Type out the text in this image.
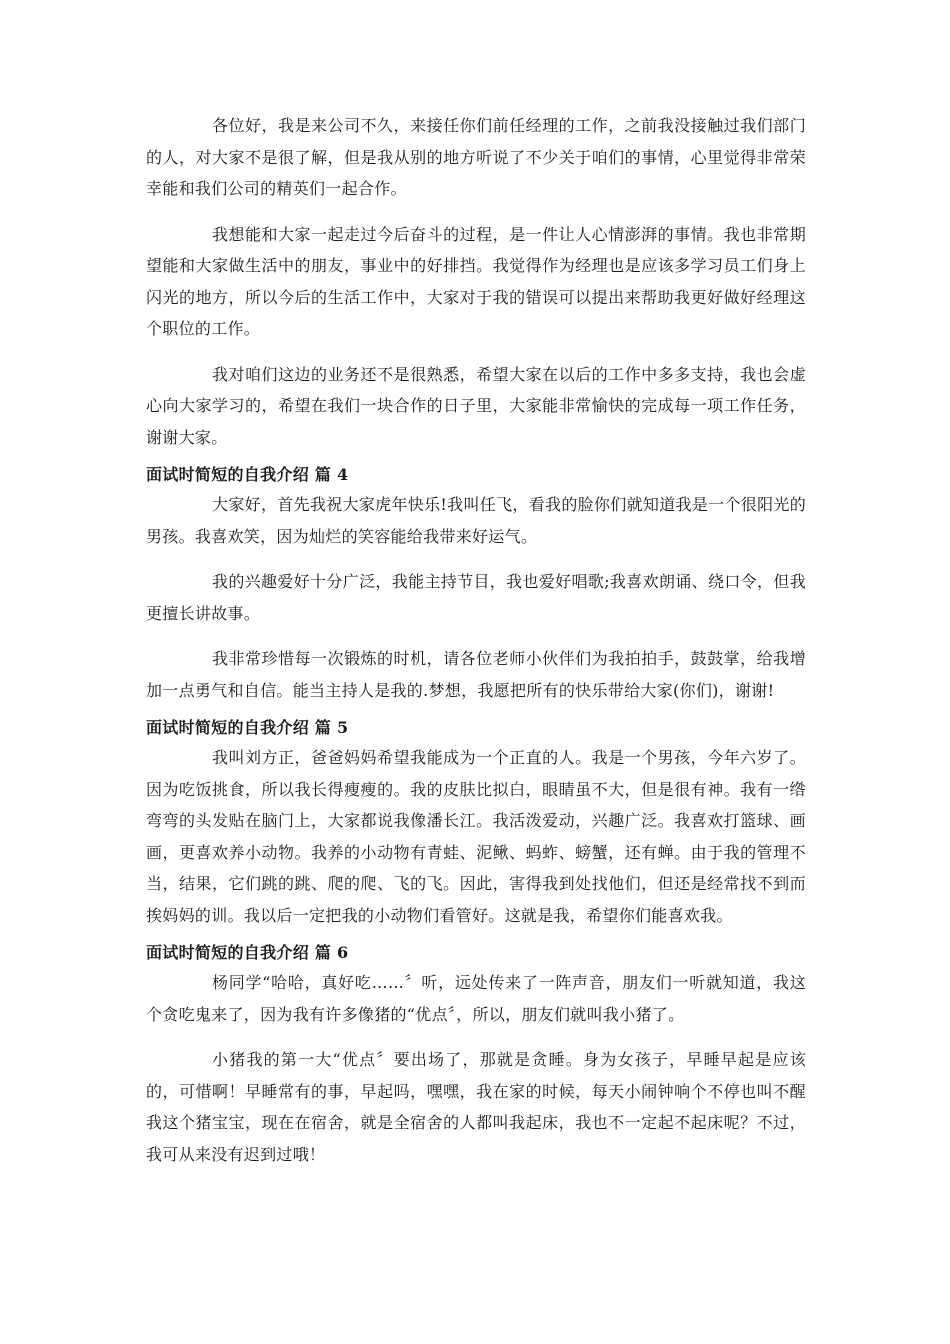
各位好，我是来公司不久，来接任你们前任经理的工作，之前我没接触过我们部门的人，对大家不是很了解，但是我从别的地方听说了不少关于咱们的事情，心里觉得非常荣幸能和我们公司的精英们一起合作。

我想能和大家一起走过今后奋斗的过程，是一件让人心情澎湃的事情。我也非常期望能和大家做生活中的朋友，事业中的好排挡。我觉得作为经理也是应该多学习员工们身上闪光的地方，所以今后的生活工作中，大家对于我的错误可以提出来帮助我更好做好经理这个职位的工作。

我对咱们这边的业务还不是很熟悉，希望大家在以后的工作中多多支持，我也会虚心向大家学习的，希望在我们一块合作的日子里，大家能非常愉快的完成每一项工作任务，谢谢大家。

面试时简短的自我介绍 篇 4

大家好，首先我祝大家虎年快乐!我叫任飞，看我的脸你们就知道我是一个很阳光的男孩。我喜欢笑，因为灿烂的笑容能给我带来好运气。

我的兴趣爱好十分广泛，我能主持节目，我也爱好唱歌;我喜欢朗诵、绕口令，但我更擅长讲故事。

我非常珍惜每一次锻炼的时机，请各位老师小伙伴们为我拍拍手，鼓鼓掌，给我增加一点勇气和自信。能当主持人是我的.梦想，我愿把所有的快乐带给大家(你们)，谢谢!

面试时简短的自我介绍 篇 5

我叫刘方正，爸爸妈妈希望我能成为一个正直的人。我是一个男孩，今年六岁了。因为吃饭挑食，所以我长得瘦瘦的。我的皮肤比拟白，眼睛虽不大，但是很有神。我有一绺弯弯的头发贴在脑门上，大家都说我像潘长江。我活泼爱动，兴趣广泛。我喜欢打篮球、画画，更喜欢养小动物。我养的小动物有青蛙、泥鳅、蚂蚱、螃蟹，还有蝉。由于我的管理不当，结果，它们跳的跳、爬的爬、飞的飞。因此，害得我到处找他们，但还是经常找不到而挨妈妈的训。我以后一定把我的小动物们看管好。这就是我，希望你们能喜欢我。

面试时简短的自我介绍 篇 6

杨同学“哈哈，真好吃……〞听，远处传来了一阵声音，朋友们一听就知道，我这个贪吃鬼来了，因为我有许多像猪的“优点〞，所以，朋友们就叫我小猪了。

小猪我的第一大“优点〞要出场了，那就是贪睡。身为女孩子，早睡早起是应该的，可惜啊！早睡常有的事，早起吗，嘿嘿，我在家的时候，每天小闹钟响个不停也叫不醒我这个猪宝宝，现在在宿舍，就是全宿舍的人都叫我起床，我也不一定起不起床呢？不过，我可从来没有迟到过哦！
